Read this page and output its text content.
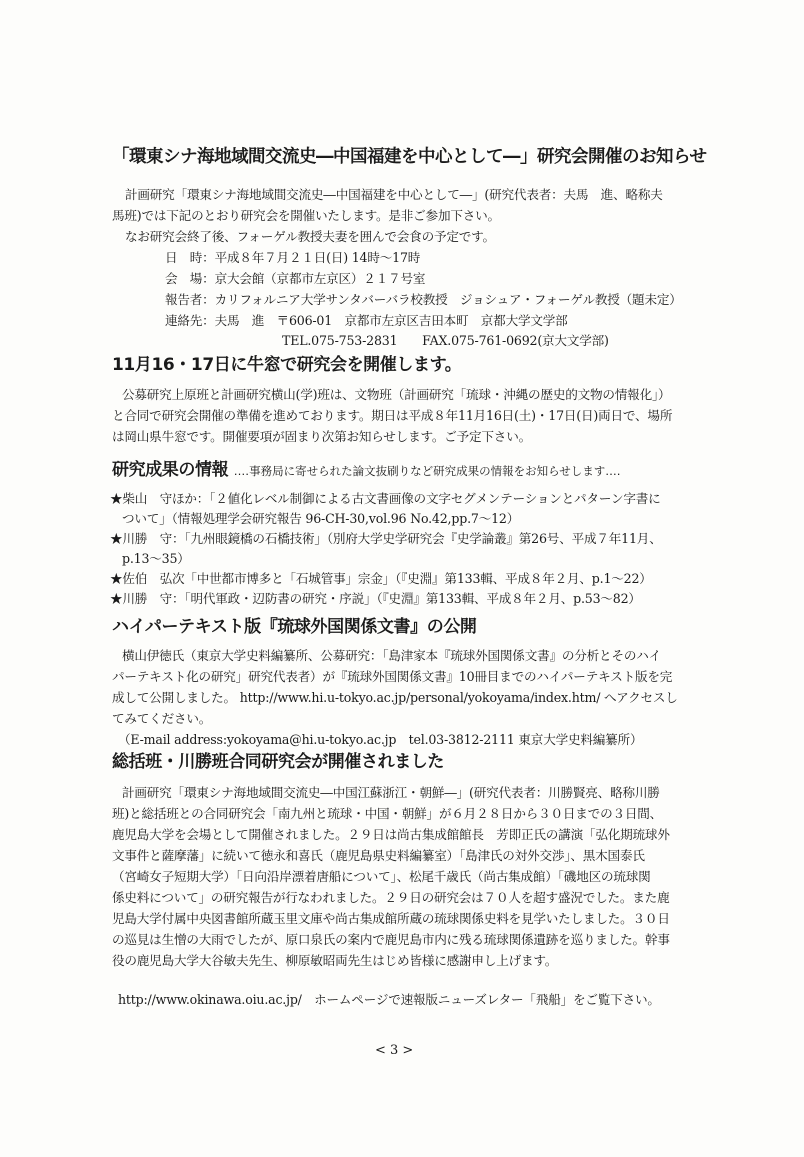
「環東シナ海地域間交流史―中国福建を中心として―」研究会開催のお知らせ
計画研究「環東シナ海地域間交流史―中国福建を中心として―」(研究代表者：夫馬　進、略称夫
馬班)では下記のとおり研究会を開催いたします。是非ご参加下さい。
なお研究会終了後、フォーゲル教授夫妻を囲んで会食の予定です。
日　時：平成８年７月２１日(日) 14時～17時
会　場：京大会館（京都市左京区）２１７号室
報告者：カリフォルニア大学サンタバーバラ校教授　ジョシュア・フォーゲル教授（題未定）
連絡先：夫馬　進　〒606-01　京都市左京区吉田本町　京都大学文学部
TEL.075-753-2831　　FAX.075-761-0692(京大文学部)
11月16・17日に牛窓で研究会を開催します。
公募研究上原班と計画研究横山(学)班は、文物班（計画研究「琉球・沖縄の歴史的文物の情報化」）
と合同で研究会開催の準備を進めております。期日は平成８年11月16日(土)・17日(日)両日で、場所
は岡山県牛窓です。開催要項が固まり次第お知らせします。ご予定下さい。
研究成果の情報 ‥‥事務局に寄せられた論文抜刷りなど研究成果の情報をお知らせします‥‥
★柴山　守ほか：「２値化レベル制御による古文書画像の文字セグメンテーションとパターン字書に
ついて」（情報処理学会研究報告 96-CH-30,vol.96 No.42,pp.7～12）
★川勝　守：「九州眼鏡橋の石橋技術」（別府大学史学研究会『史学論叢』第26号、平成７年11月、
p.13～35）
★佐伯　弘次「中世都市博多と「石城管事」宗金」（『史淵』第133輯、平成８年２月、p.1～22）
★川勝　守：「明代軍政・辺防書の研究・序説」（『史淵』第133輯、平成８年２月、p.53～82）
ハイパーテキスト版『琉球外国関係文書』の公開
横山伊徳氏（東京大学史料編纂所、公募研究：「島津家本『琉球外国関係文書』の分析とそのハイ
パーテキスト化の研究」研究代表者）が『琉球外国関係文書』10冊目までのハイパーテキスト版を完
成して公開しました。 http://www.hi.u-tokyo.ac.jp/personal/yokoyama/index.htm/ へアクセスし
てみてください。
（E-mail address:yokoyama@hi.u-tokyo.ac.jp　tel.03-3812-2111 東京大学史料編纂所）
総括班・川勝班合同研究会が開催されました
計画研究「環東シナ海地域間交流史―中国江蘇浙江・朝鮮―」(研究代表者：川勝賢亮、略称川勝
班)と総括班との合同研究会「南九州と琉球・中国・朝鮮」が６月２８日から３０日までの３日間、
鹿児島大学を会場として開催されました。２９日は尚古集成館館長　芳即正氏の講演「弘化期琉球外
文事件と薩摩藩」に続いて徳永和喜氏（鹿児島県史料編纂室）「島津氏の対外交渉」、黒木国泰氏
（宮崎女子短期大学）「日向沿岸漂着唐船について」、松尾千歳氏（尚古集成館）「磯地区の琉球関
係史料について」の研究報告が行なわれました。２９日の研究会は７０人を超す盛況でした。また鹿
児島大学付属中央図書館所蔵玉里文庫や尚古集成館所蔵の琉球関係史料を見学いたしました。３０日
の巡見は生憎の大雨でしたが、原口泉氏の案内で鹿児島市内に残る琉球関係遺跡を巡りました。幹事
役の鹿児島大学大谷敏夫先生、柳原敏昭両先生はじめ皆様に感謝申し上げます。
http://www.okinawa.oiu.ac.jp/　ホームページで速報版ニューズレター「飛船」をご覧下さい。
< 3 >
